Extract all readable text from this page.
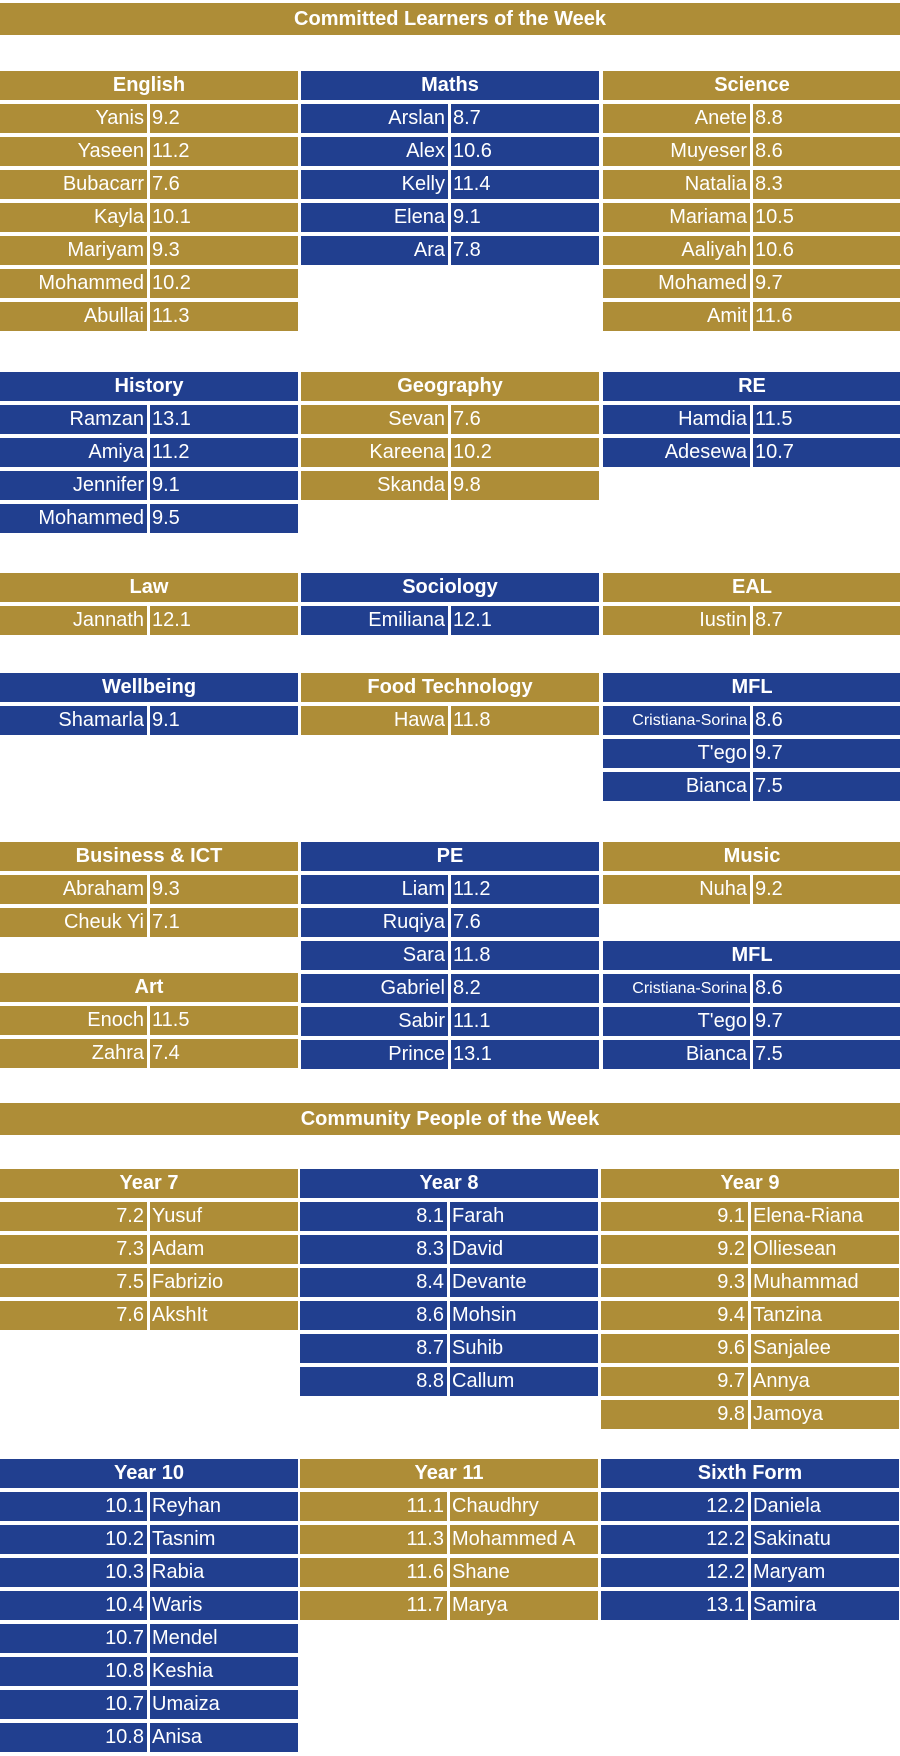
Committed Learners of the Week
Community People of the Week
English
Yanis 9.2
Yaseen 11.2
Bubacarr 7.6
Kayla 10.1
Mariyam 9.3
Mohammed 10.2
Abullai 11.3
Maths
Arslan 8.7
Alex 10.6
Kelly 11.4
Elena 9.1
Ara 7.8
Science
Anete 8.8
Muyeser 8.6
Natalia 8.3
Mariama 10.5
Aaliyah 10.6
Mohamed 9.7
Amit 11.6
History
Ramzan 13.1
Amiya 11.2
Jennifer 9.1
Mohammed 9.5
Geography
Sevan 7.6
Kareena 10.2
Skanda 9.8
RE
Hamdia 11.5
Adesewa 10.7
Law
Jannath 12.1
Sociology
Emiliana 12.1
EAL
Iustin 8.7
Wellbeing
Shamarla 9.1
Food Technology
Hawa 11.8
MFL
Cristiana-Sorina 8.6
T'ego 9.7
Bianca 7.5
Business & ICT
Abraham 9.3
Cheuk Yi 7.1
PE
Liam 11.2
Ruqiya 7.6
Sara 11.8
Gabriel 8.2
Sabir 11.1
Prince 13.1
Music
Nuha 9.2
Art
Enoch 11.5
Zahra 7.4
MFL
Cristiana-Sorina 8.6
T'ego 9.7
Bianca 7.5
Year 7
7.2 Yusuf
7.3 Adam
7.5 Fabrizio
7.6 AkshIt
Year 8
8.1 Farah
8.3 David
8.4 Devante
8.6 Mohsin
8.7 Suhib
8.8 Callum
Year 9
9.1 Elena-Riana
9.2 Olliesean
9.3 Muhammad
9.4 Tanzina
9.6 Sanjalee
9.7 Annya
9.8 Jamoya
Year 10
10.1 Reyhan
10.2 Tasnim
10.3 Rabia
10.4 Waris
10.7 Mendel
10.8 Keshia
10.7 Umaiza
10.8 Anisa
Year 11
11.1 Chaudhry
11.3 Mohammed A
11.6 Shane
11.7 Marya
Sixth Form
12.2 Daniela
12.2 Sakinatu
12.2 Maryam
13.1 Samira
